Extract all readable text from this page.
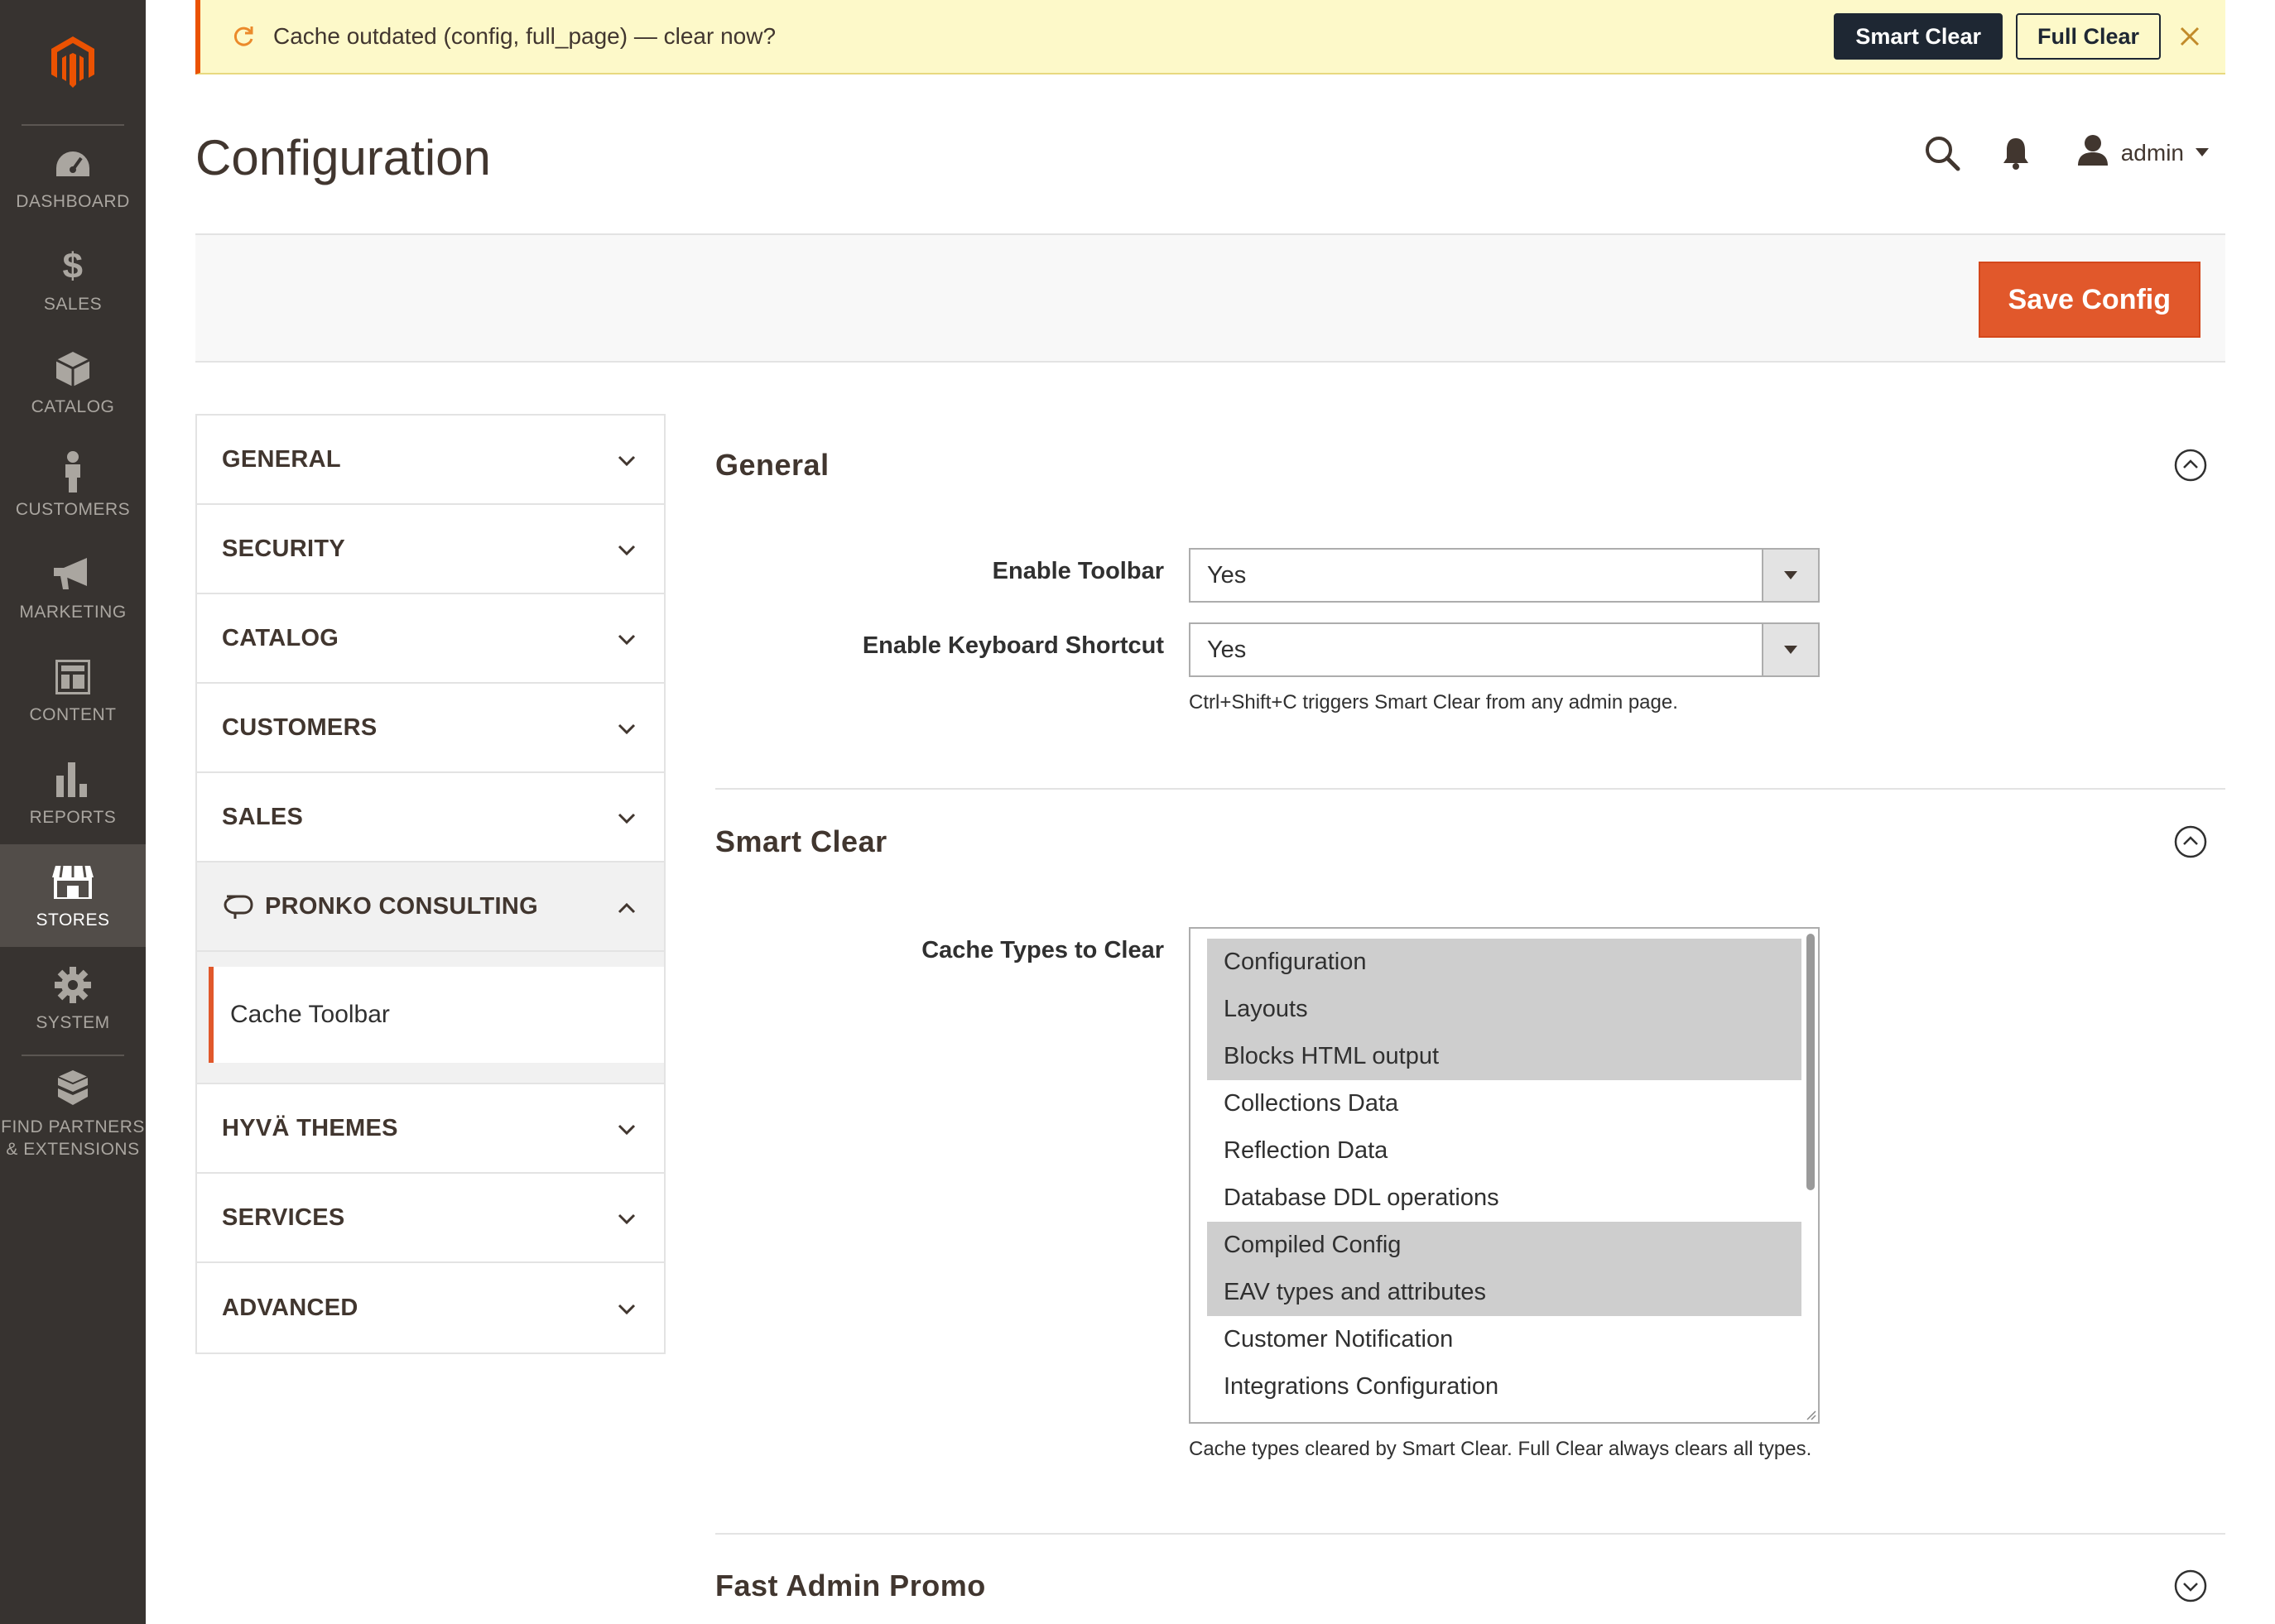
DASHBOARD
$
SALES
CATALOG
CUSTOMERS
MARKETING
CONTENT
REPORTS
STORES
SYSTEM
FIND PARTNERS & EXTENSIONS
Cache outdated (config, full_page) — clear now?	Smart Clear	Full Clear
Configuration	admin
Save Config
GENERAL
SECURITY
CATALOG
CUSTOMERS
SALES
PRONKO CONSULTING
Cache Toolbar
HYVÄ THEMES
SERVICES
ADVANCED
General
Enable Toolbar	Yes
Enable Keyboard Shortcut	Yes
Ctrl+Shift+C triggers Smart Clear from any admin page.
Smart Clear
Cache Types to Clear	Configuration
Layouts
Blocks HTML output
Collections Data
Reflection Data
Database DDL operations
Compiled Config
EAV types and attributes
Customer Notification
Integrations Configuration
Cache types cleared by Smart Clear. Full Clear always clears all types.
Fast Admin Promo
